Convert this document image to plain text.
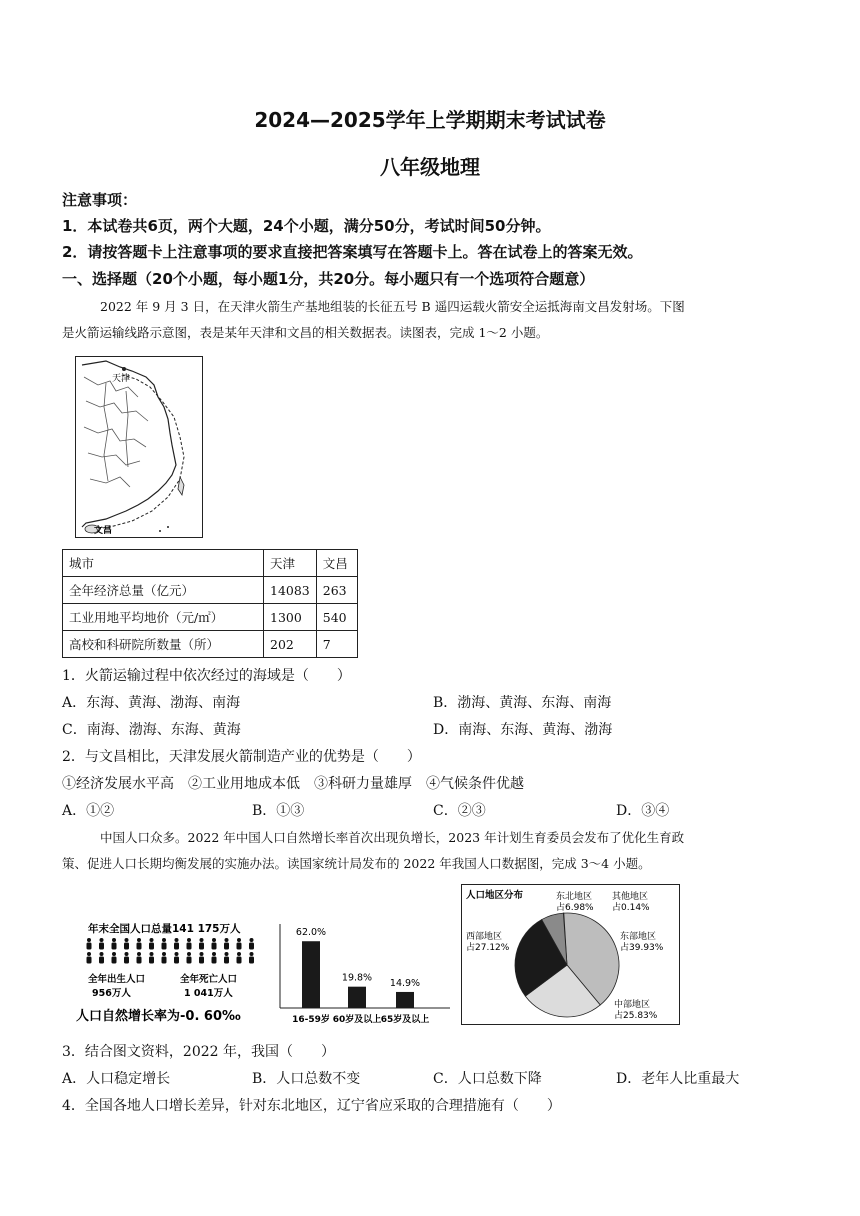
2024—2025学年上学期期末考试试卷
八年级地理
注意事项：
1．本试卷共6页，两个大题，24个小题，满分50分，考试时间50分钟。
2．请按答题卡上注意事项的要求直接把答案填写在答题卡上。答在试卷上的答案无效。
一、选择题（20个小题，每小题1分，共20分。每小题只有一个选项符合题意）
2022 年 9 月 3 日，在天津火箭生产基地组装的长征五号 B 遥四运载火箭安全运抵海南文昌发射场。下图
是火箭运输线路示意图，表是某年天津和文昌的相关数据表。读图表，完成 1～2 小题。
天津
文昌
城市	天津	文昌
全年经济总量（亿元）	14083	263
工业用地平均地价（元/㎡）	1300	540
高校和科研院所数量（所）	202	7
1．火箭运输过程中依次经过的海域是（　　）
A．东海、黄海、渤海、南海	B．渤海、黄海、东海、南海
C．南海、渤海、东海、黄海	D．南海、东海、黄海、渤海
2．与文昌相比，天津发展火箭制造产业的优势是（　　）
①经济发展水平高　②工业用地成本低　③科研力量雄厚　④气候条件优越
A．①②	B．①③	C．②③	D．③④
中国人口众多。2022 年中国人口自然增长率首次出现负增长，2023 年计划生育委员会发布了优化生育政
策、促进人口长期均衡发展的实施办法。读国家统计局发布的 2022 年我国人口数据图，完成 3～4 小题。
年末全国人口总量141 175万人
全年出生人口
956万人
全年死亡人口
1 041万人
人口自然增长率为-0. 60‰
62.0%
16-59岁
19.8%
60岁及以上
14.9%
65岁及以上
人口地区分布
东部地区
占39.93%
中部地区
占25.83%
西部地区
占27.12%
东北地区
占6.98%
其他地区
占0.14%
3．结合图文资料，2022 年，我国（　　）
A．人口稳定增长	B．人口总数不变	C．人口总数下降	D．老年人比重最大
4．全国各地人口增长差异，针对东北地区，辽宁省应采取的合理措施有（　　）
